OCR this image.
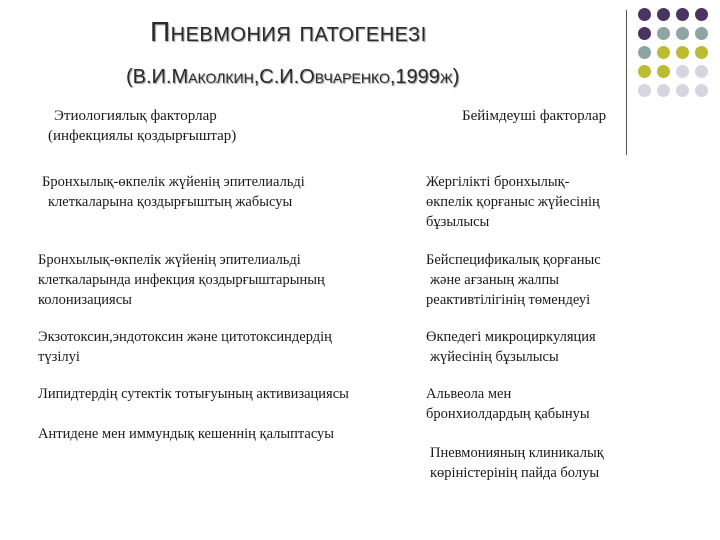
Пневмония патогенезі
(В.И.Маколкин,С.И.Овчаренко,1999ж)
Этиологиялық факторлар
(инфекциялы қоздырғыштар)
Бейімдеуші факторлар
Бронхылық-өкпелік жүйенің эпителиальді
клеткаларына қоздырғыштың жабысуы
Бронхылық-өкпелік жүйенің эпителиальді
клеткаларында инфекция қоздырғыштарының
колонизациясы
Экзотоксин,эндотоксин және цитотоксиндердің
түзілуі
Липидтердің сутектік тотығуының активизациясы
Антидене мен иммундық кешеннің қалыптасуы
Жергілікті бронхылық-
өкпелік қорғаныс жүйесінің
бұзылысы
Бейспецификалық қорғаныс
және ағзаның жалпы
реактивтілігінің төмендеуі
Өкпедегі микроциркуляция
жүйесінің бұзылысы
Альвеола мен
бронхиолдардың қабынуы
Пневмонияның клиникалық
көріністерінің пайда болуы
